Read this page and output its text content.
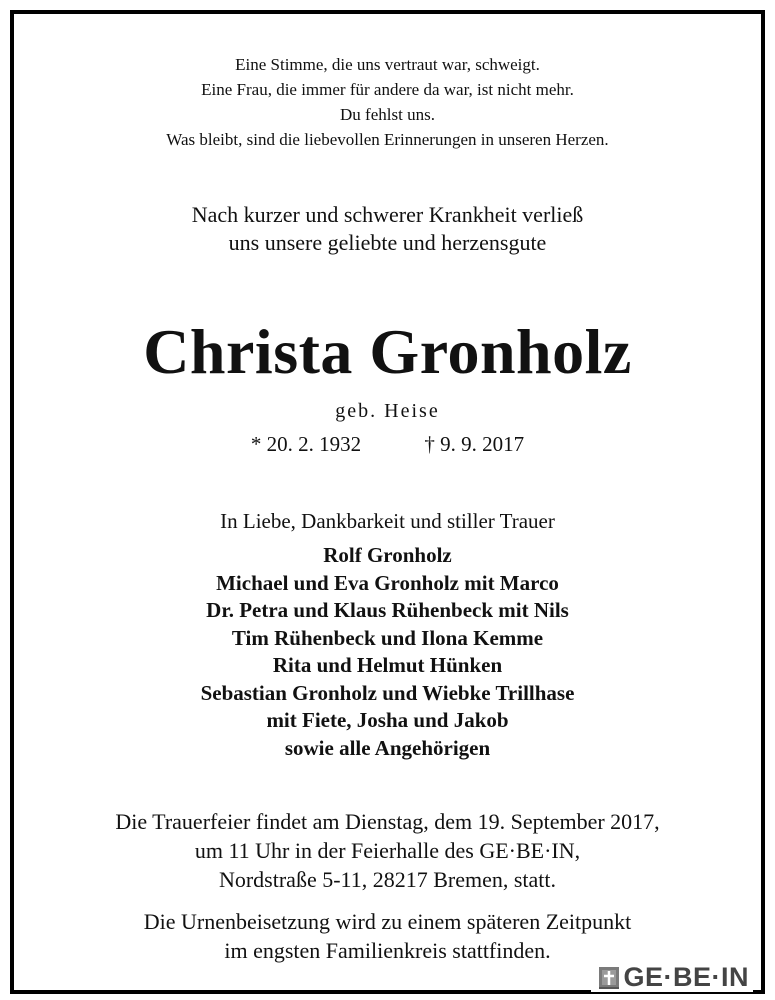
Eine Stimme, die uns vertraut war, schweigt.
Eine Frau, die immer für andere da war, ist nicht mehr.
Du fehlst uns.
Was bleibt, sind die liebevollen Erinnerungen in unseren Herzen.
Nach kurzer und schwerer Krankheit verließ
uns unsere geliebte und herzensgute
Christa Gronholz
geb. Heise
* 20. 2. 1932	† 9. 9. 2017
In Liebe, Dankbarkeit und stiller Trauer
Rolf Gronholz
Michael und Eva Gronholz mit Marco
Dr. Petra und Klaus Rühenbeck mit Nils
Tim Rühenbeck und Ilona Kemme
Rita und Helmut Hünken
Sebastian Gronholz und Wiebke Trillhase
mit Fiete, Josha und Jakob
sowie alle Angehörigen
Die Trauerfeier findet am Dienstag, dem 19. September 2017,
um 11 Uhr in der Feierhalle des GE·BE·IN,
Nordstraße 5-11, 28217 Bremen, statt.
Die Urnenbeisetzung wird zu einem späteren Zeitpunkt
im engsten Familienkreis stattfinden.
GE·BE·IN
